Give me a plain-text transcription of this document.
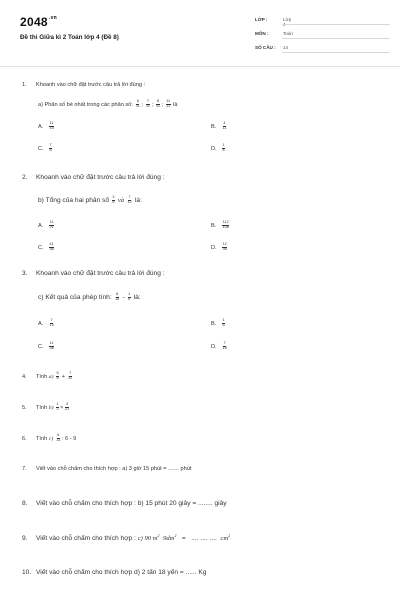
$2048^{.vn}$
Đề thi Giữa kì 2 Toán lớp 4 (Đề 8)
LỚP :	Lớp 4
MÔN :	Toán
SỐ CÂU :	14
1. Khoanh vào chữ đặt trước câu trả lời đúng :
a) Phân số bé nhất trong các phân số: $\frac{6}{11}$ ; $\frac{7}{11}$ ; $\frac{8}{11}$ ; $\frac{11}{11}$ là
A. $\frac{11}{15}$	B. $\frac{4}{11}$
C. $\frac{7}{8}$	D. $\frac{1}{4}$
2. Khoanh vào chữ đặt trước câu trả lời đúng :
b) Tổng của hai phân số $\frac{3}{8}$ và $\frac{7}{12}$ là:
A. $\frac{11}{21}$	B. $\frac{112}{108}$
C. $\frac{41}{36}$	D. $\frac{12}{38}$
3. Khoanh vào chữ đặt trước câu trả lời đúng :
c) Kết quả của phép tính: $\frac{8}{15} - \frac{1}{5}$ là:
A. $\frac{7}{15}$	B. $\frac{1}{6}$
C. $\frac{11}{38}$	D. $\frac{7}{18}$
4. Tính $a) \frac{5}{6} + \frac{7}{12}$
5. Tính $b) \frac{1}{2} \times \frac{3}{21}$
6. Tính $c) \frac{6}{13}$ : 6 - 9
7. Viết vào chỗ chấm cho thích hợp : a) 3 giờ 15 phút = ....... phút
8. Viết vào chỗ chấm cho thích hợp : b) 15 phút 20 giây = ........ giây
9. Viết vào chỗ chấm cho thích hợp : c) 90 $m^2$ $9dm^2$ = .... .... .... $cm^2$
10. Viết vào chỗ chấm cho thích hợp d) 2 tấn 18 yến = ...... Kg
